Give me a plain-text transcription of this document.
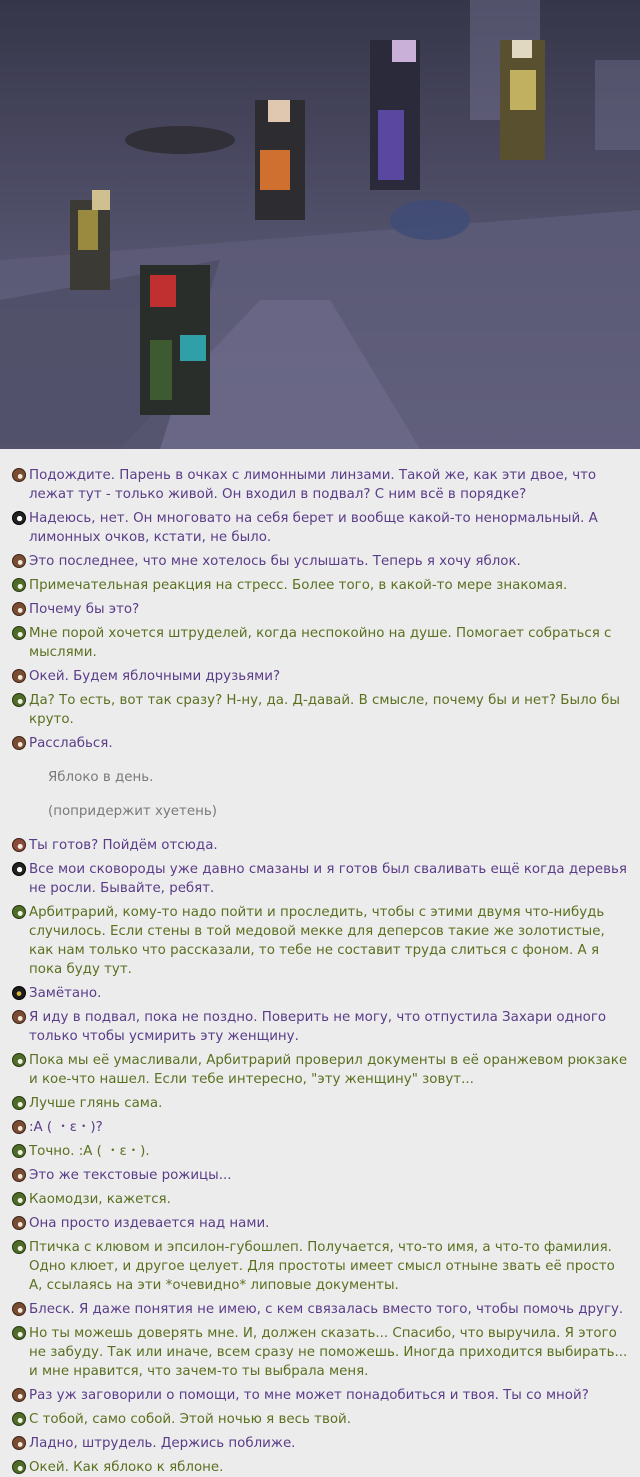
Подождите. Парень в очках с лимонными линзами. Такой же, как эти двое, что лежат тут - только живой. Он входил в подвал? С ним всё в порядке?

Надеюсь, нет. Он многовато на себя берет и вообще какой-то ненормальный. А лимонных очков, кстати, не было.

Это последнее, что мне хотелось бы услышать. Теперь я хочу яблок.

Примечательная реакция на стресс. Более того, в какой-то мере знакомая.

Почему бы это?

Мне порой хочется штруделей, когда неспокойно на душе. Помогает собраться с мыслями.

Окей. Будем яблочными друзьями?

Да? То есть, вот так сразу? Н-ну, да. Д-давай. В смысле, почему бы и нет? Было бы круто.

Расслабься.

Яблоко в день.
(попридержит хуетень)

Ты готов? Пойдём отсюда.

Все мои сковороды уже давно смазаны и я готов был сваливать ещё когда деревья не росли. Бывайте, ребят.

Арбитрарий, кому-то надо пойти и проследить, чтобы с этими двумя что-нибудь случилось. Если стены в той медовой мекке для деперсов такие же золотистые, как нам только что рассказали, то тебе не составит труда слиться с фоном. А я пока буду тут.

Замётано.

Я иду в подвал, пока не поздно. Поверить не могу, что отпустила Захари одного только чтобы усмирить эту женщину.

Пока мы её умасливали, Арбитрарий проверил документы в её оранжевом рюкзаке и кое-что нашел. Если тебе интересно, "эту женщину" зовут...

Лучше глянь сама.

:A ( ・ε・)?

Точно. :A ( ・ε・).

Это же текстовые рожицы...

Каомодзи, кажется.

Она просто издевается над нами.

Птичка с клювом и эпсилон-губошлеп. Получается, что-то имя, а что-то фамилия. Одно клюет, и другое целует. Для простоты имеет смысл отныне звать её просто А, ссылаясь на эти *очевидно* липовые документы.

Блеск. Я даже понятия не имею, с кем связалась вместо того, чтобы помочь другу.

Но ты можешь доверять мне. И, должен сказать... Спасибо, что выручила. Я этого не забуду. Так или иначе, всем сразу не поможешь. Иногда приходится выбирать... и мне нравится, что зачем-то ты выбрала меня.

Раз уж заговорили о помощи, то мне может понадобиться и твоя. Ты со мной?

С тобой, само собой. Этой ночью я весь твой.

Ладно, штрудель. Держись поближе.

Окей. Как яблоко к яблоне.
